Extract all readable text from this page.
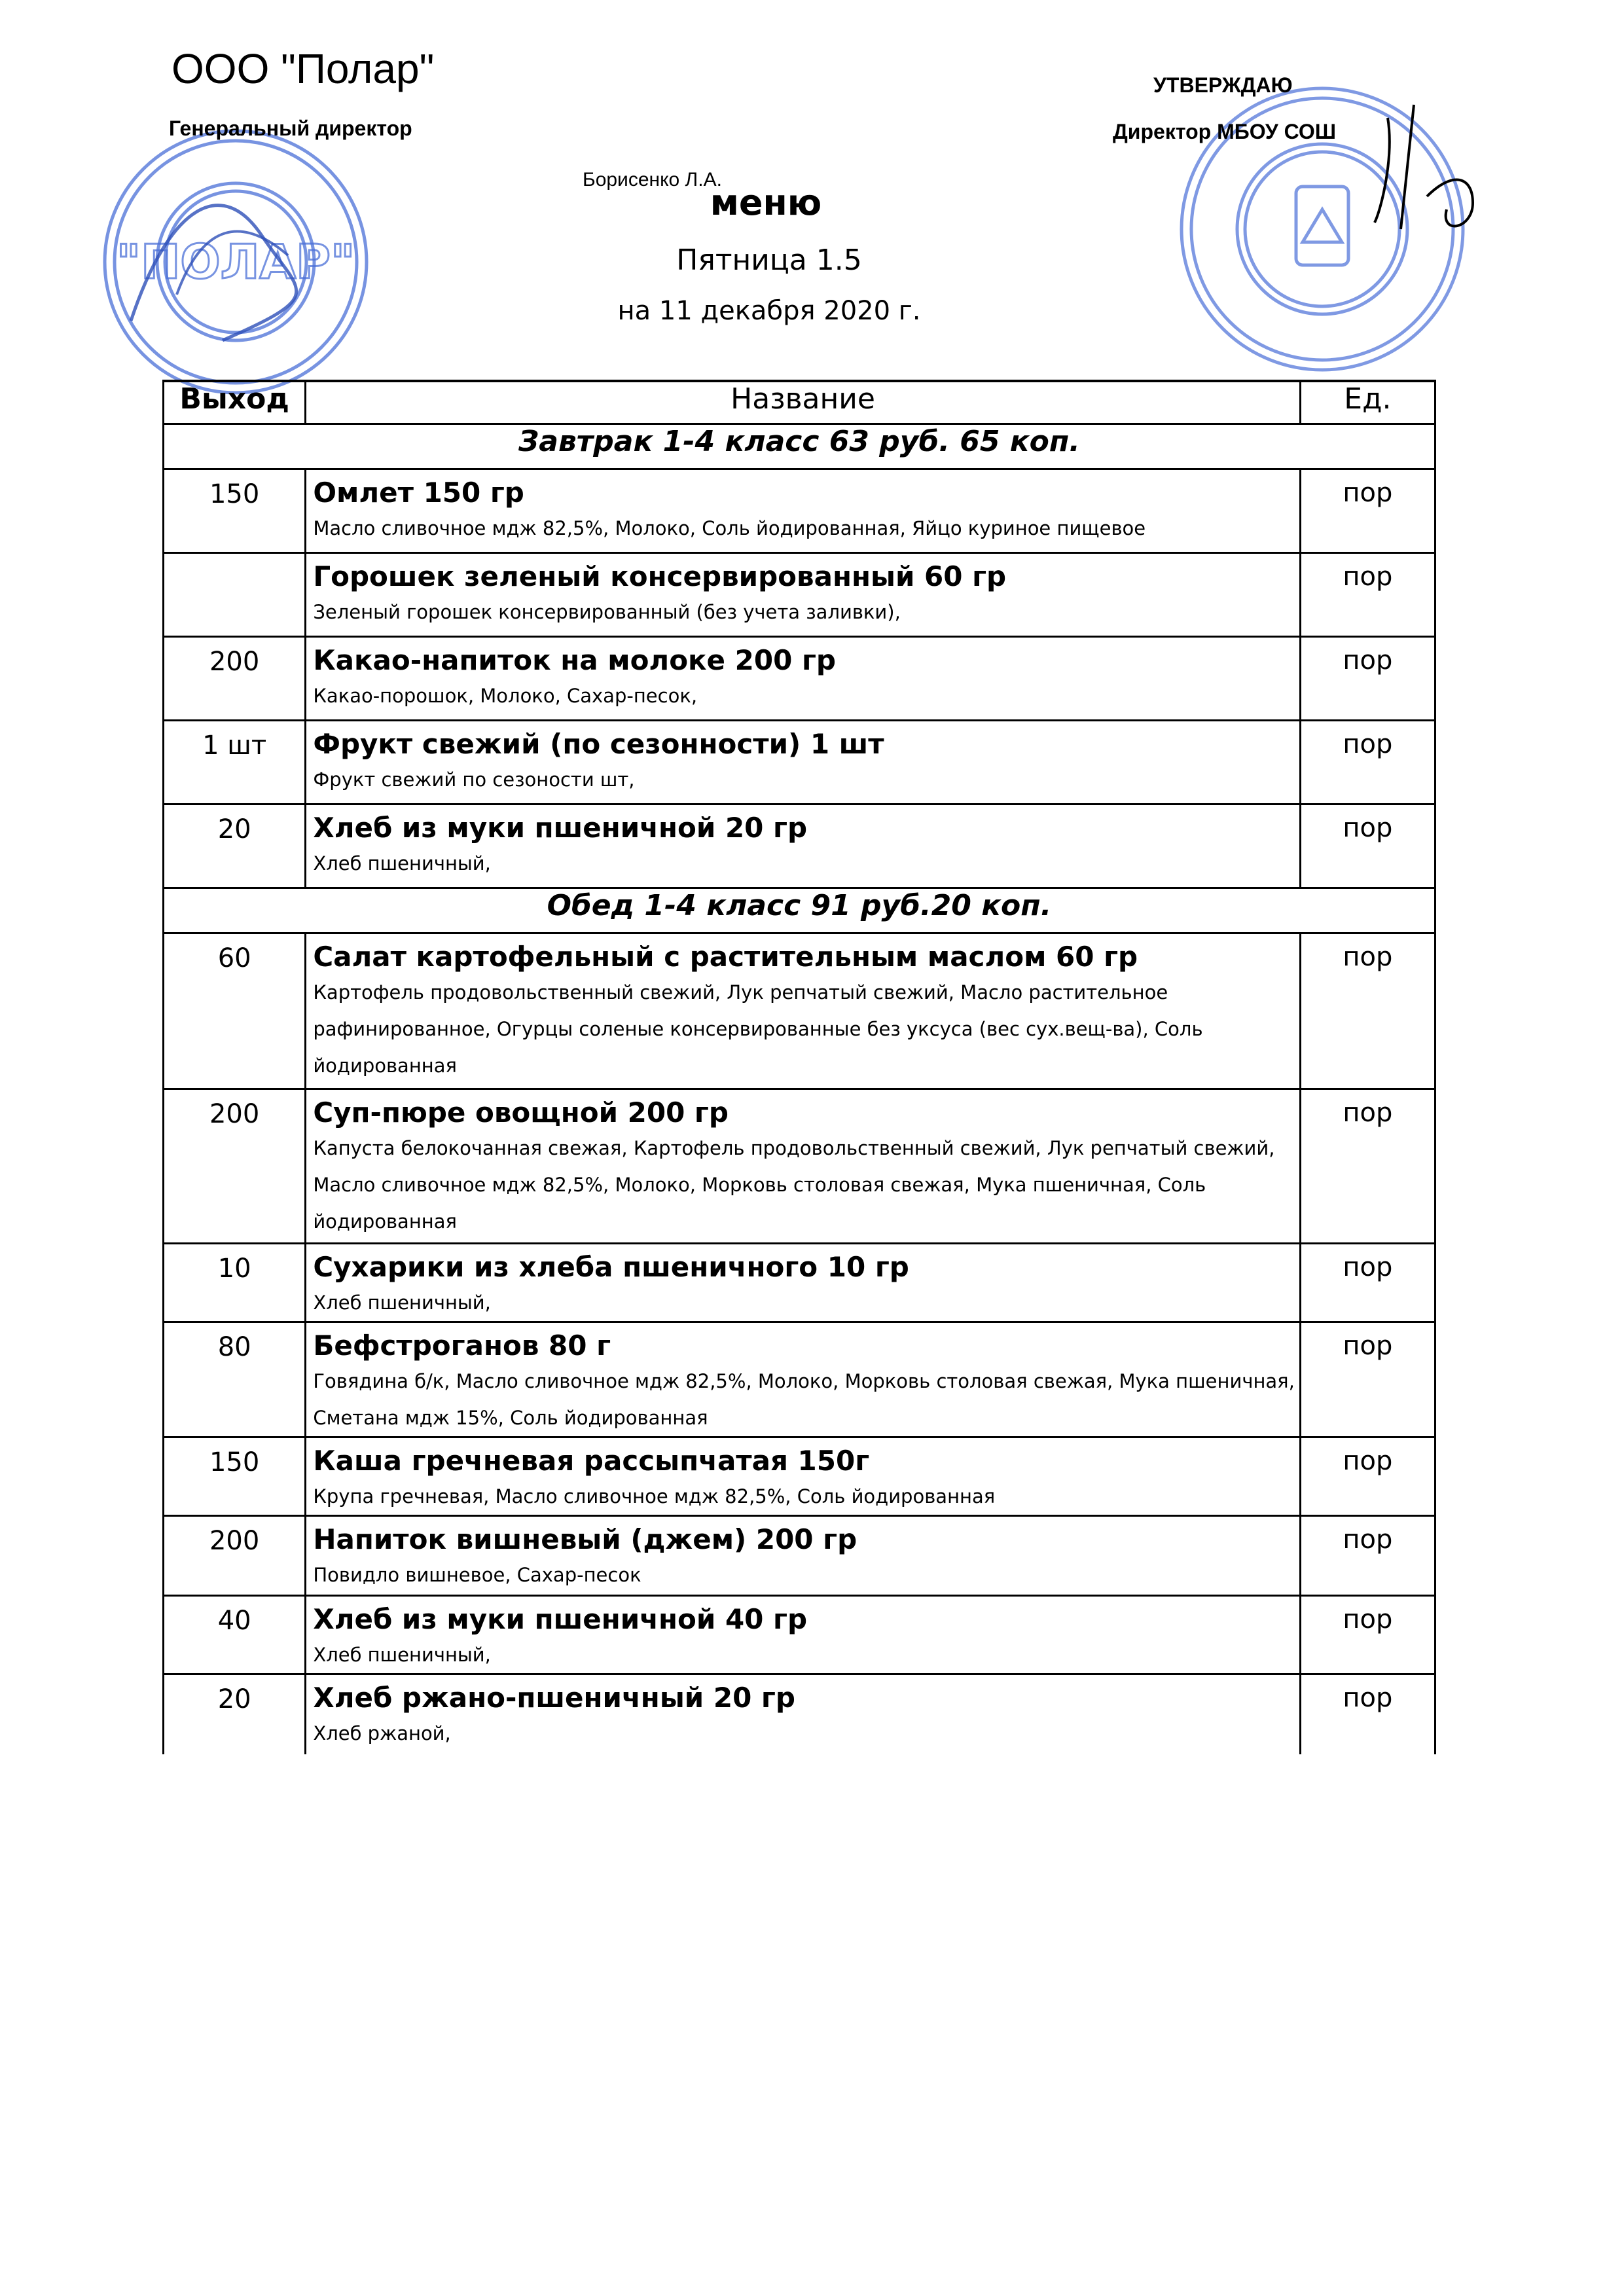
"ПОЛАР"
ООО "Полар"
Генеральный директор
УТВЕРЖДАЮ
Директор МБОУ СОШ
Борисенко Л.А.
меню
Пятница 1.5
на 11 декабря 2020 г.
Выход	Название	Ед.
Завтрак 1-4 класс 63 руб. 65 коп.		

150	Омлет 150 гр
Масло сливочное мдж 82,5%, Молоко, Соль йодированная, Яйцо куриное пищевое	пор

	Горошек зеленый консервированный 60 гр
Зеленый горошек консервированный (без учета заливки),	пор

200	Какао-напиток на молоке 200 гр
Какао-порошок, Молоко, Сахар-песок,	пор

1 шт	Фрукт свежий (по сезонности) 1 шт
Фрукт свежий по сезоности шт,	пор

20	Хлеб из муки пшеничной 20 гр
Хлеб пшеничный,	пор

Обед 1-4 класс 91 руб.20 коп.		

60	Салат картофельный с растительным маслом 60 гр
Картофель продовольственный свежий, Лук репчатый свежий, Масло растительное рафинированное, Огурцы соленые консервированные без уксуса (вес сух.вещ-ва), Соль йодированная	пор

200	Суп-пюре овощной 200 гр
Капуста белокочанная свежая, Картофель продовольственный свежий, Лук репчатый свежий, Масло сливочное мдж 82,5%, Молоко, Морковь столовая свежая, Мука пшеничная, Соль йодированная	пор

10	Сухарики из хлеба пшеничного 10 гр
Хлеб пшеничный,	пор

80	Бефстроганов 80 г
Говядина б/к, Масло сливочное мдж 82,5%, Молоко, Морковь столовая свежая, Мука пшеничная, Сметана мдж 15%, Соль йодированная	пор

150	Каша гречневая рассыпчатая 150г
Крупа гречневая, Масло сливочное мдж 82,5%, Соль йодированная	пор

200	Напиток вишневый (джем) 200 гр
Повидло вишневое, Сахар-песок	пор

40	Хлеб из муки пшеничной 40 гр
Хлеб пшеничный,	пор

20	Хлеб ржано-пшеничный 20 гр
Хлеб ржаной,	пор
